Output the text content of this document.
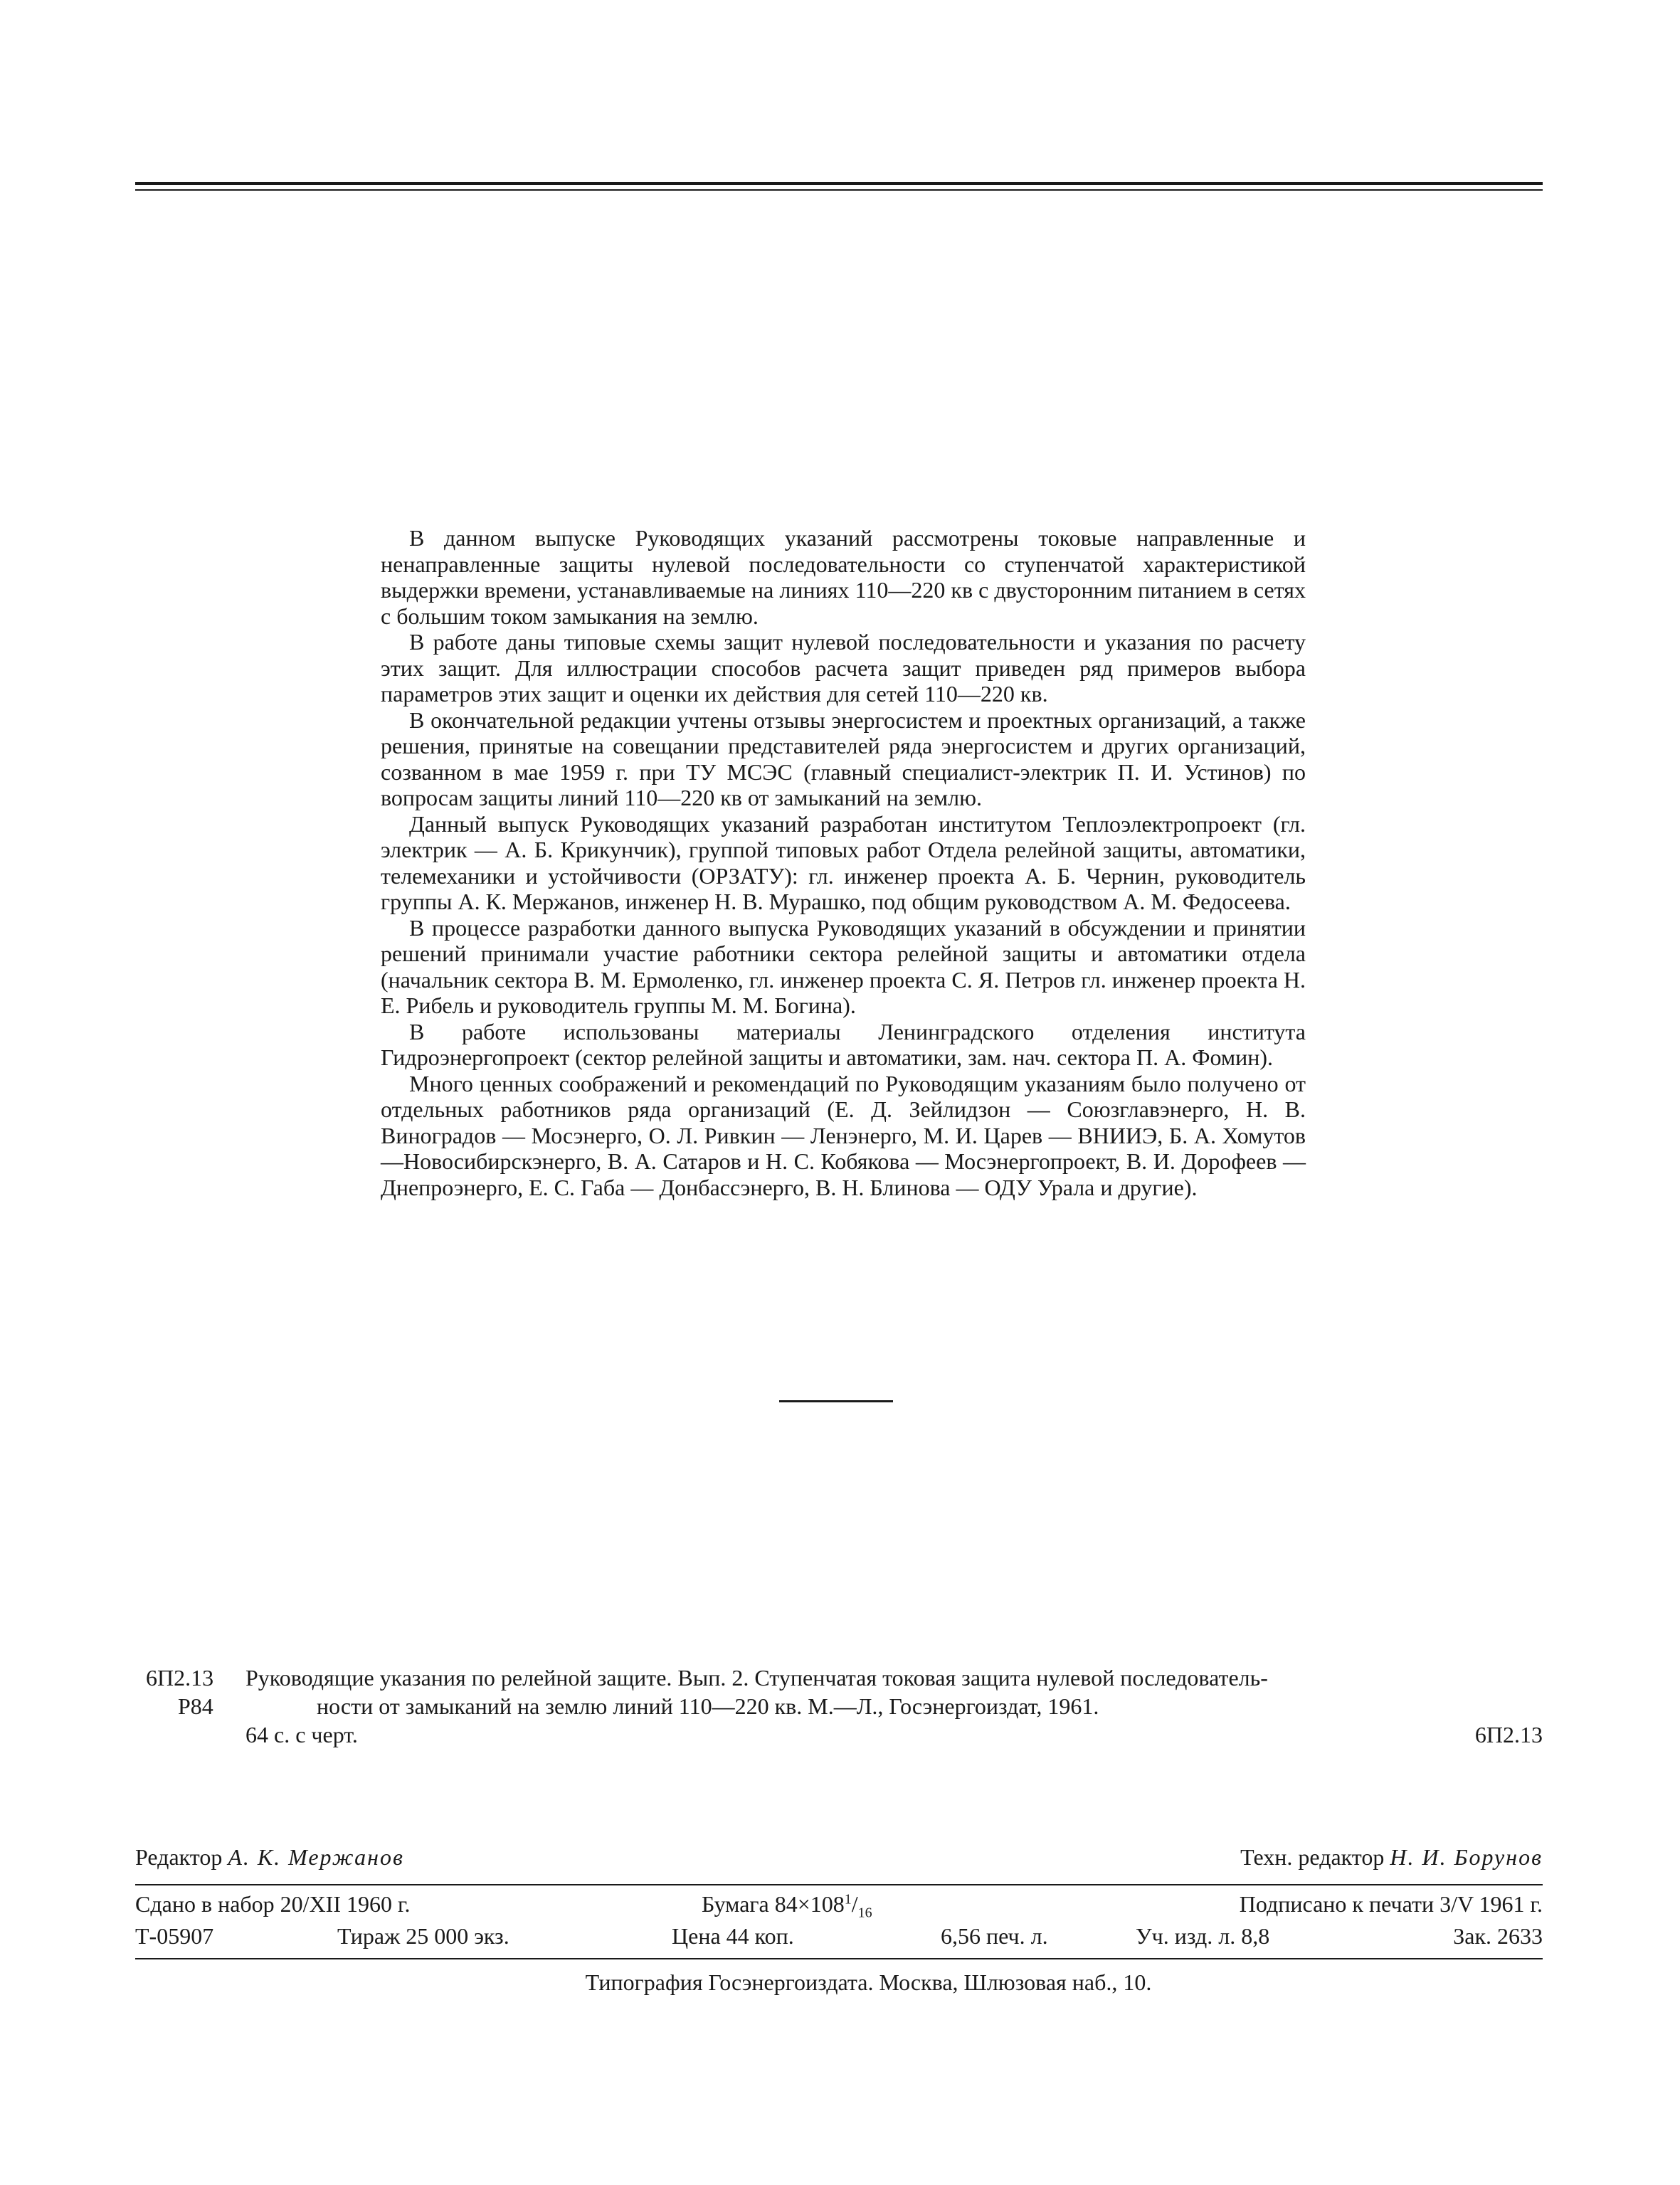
В данном выпуске Руководящих указаний рассмотрены токовые направленные и ненаправленные защиты нулевой последовательности со ступенчатой характеристикой выдержки времени, устанавливаемые на линиях 110—220 кв с двусторонним питанием в сетях с большим током замыкания на землю.

В работе даны типовые схемы защит нулевой последовательности и указания по расчету этих защит. Для иллюстрации способов расчета защит приведен ряд примеров выбора параметров этих защит и оценки их действия для сетей 110—220 кв.

В окончательной редакции учтены отзывы энергосистем и проектных организаций, а также решения, принятые на совещании представителей ряда энергосистем и других организаций, созванном в мае 1959 г. при ТУ МСЭС (главный специалист-электрик П. И. Устинов) по вопросам защиты линий 110—220 кв от замыканий на землю.

Данный выпуск Руководящих указаний разработан институтом Теплоэлектропроект (гл. электрик — А. Б. Крикунчик), группой типовых работ Отдела релейной защиты, автоматики, телемеханики и устойчивости (ОРЗАТУ): гл. инженер проекта А. Б. Чернин, руководитель группы А. К. Мержанов, инженер Н. В. Мурашко, под общим руководством А. М. Федосеева.

В процессе разработки данного выпуска Руководящих указаний в обсуждении и принятии решений принимали участие работники сектора релейной защиты и автоматики отдела (начальник сектора В. М. Ермоленко, гл. инженер проекта С. Я. Петров гл. инженер проекта Н. Е. Рибель и руководитель группы М. М. Богина).

В работе использованы материалы Ленинградского отделения института Гидроэнергопроект (сектор релейной защиты и автоматики, зам. нач. сектора П. А. Фомин).

Много ценных соображений и рекомендаций по Руководящим указаниям было получено от отдельных работников ряда организаций (Е. Д. Зейлидзон — Союзглавэнерго, Н. В. Виноградов — Мосэнерго, О. Л. Ривкин — Ленэнерго, М. И. Царев — ВНИИЭ, Б. А. Хомутов—Новосибирскэнерго, В. А. Сатаров и Н. С. Кобякова — Мосэнергопроект, В. И. Дорофеев — Днепроэнерго, Е. С. Габа — Донбассэнерго, В. Н. Блинова — ОДУ Урала и другие).

6П2.13
Р84
Руководящие указания по релейной защите. Вып. 2. Ступенчатая токовая защита нулевой последователь-
ности от замыканий на землю линий 110—220 кв. М.—Л., Госэнергоиздат, 1961.
64 с. с черт.	6П2.13
Редактор А. К. Мержанов	Техн. редактор Н. И. Борунов
Сдано в набор 20/XII 1960 г.	Бумага $84\times 108^1/_{16}$	Подписано к печати 3/V 1961 г.
Т-05907	Тираж 25 000 экз.	Цена 44 коп.	6,56 печ. л.	Уч. изд. л. 8,8	Зак. 2633
Типография Госэнергоиздата. Москва, Шлюзовая наб., 10.
